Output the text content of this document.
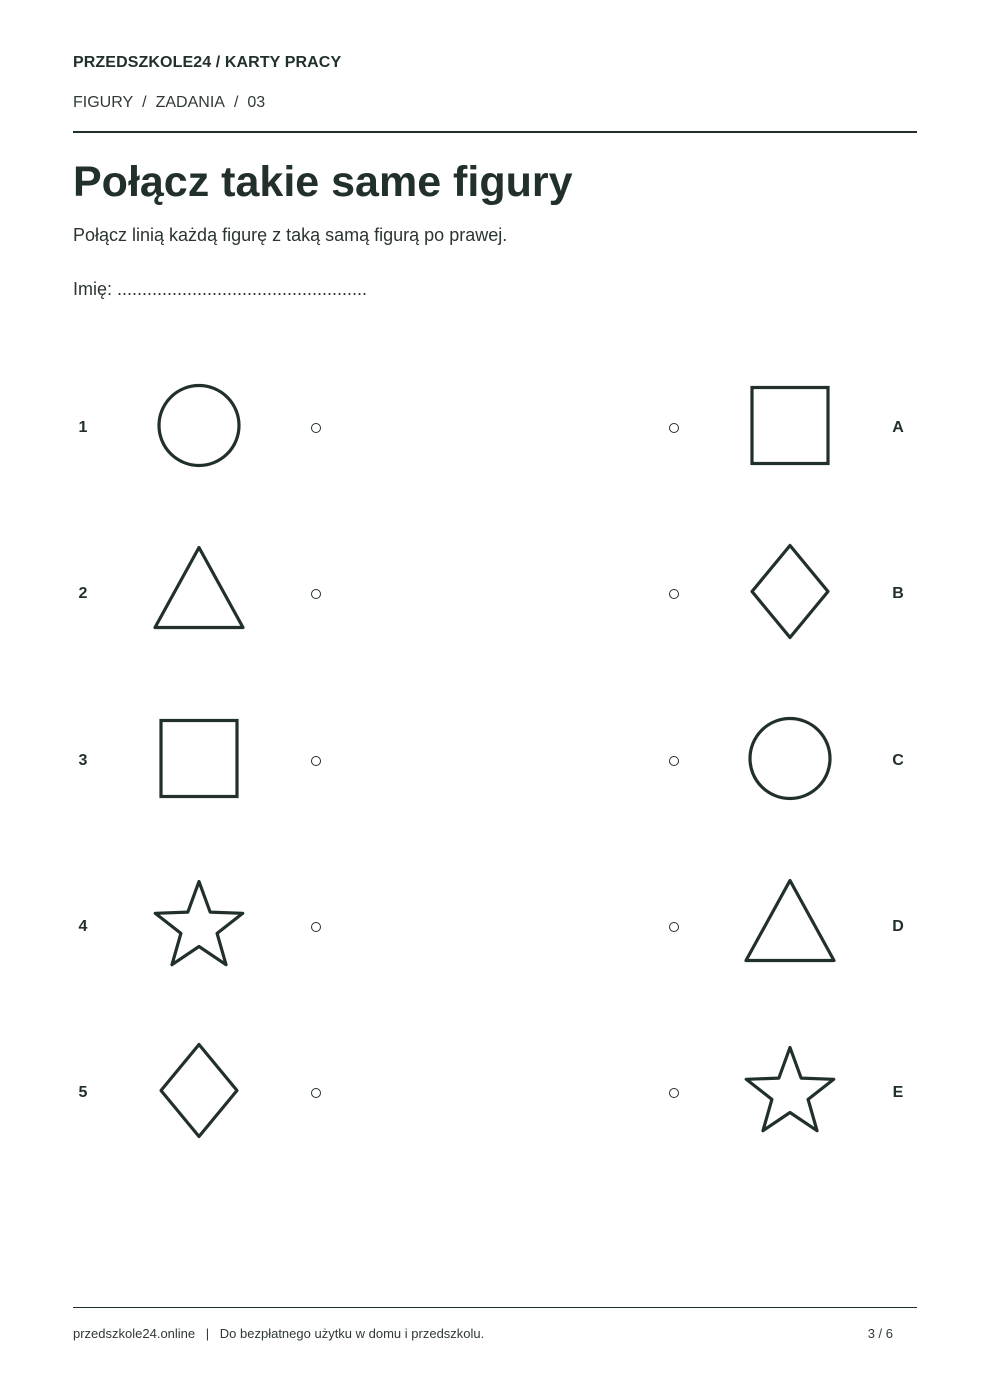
PRZEDSZKOLE24 / KARTY PRACY
FIGURY / ZADANIA / 03
Połącz takie same figury
Połącz linią każdą figurę z taką samą figurą po prawej.
Imię: ..................................................
1
2
3
4
5
A
B
C
D
E
przedszkole24.online | Do bezpłatnego użytku w domu i przedszkolu.	3 / 6
